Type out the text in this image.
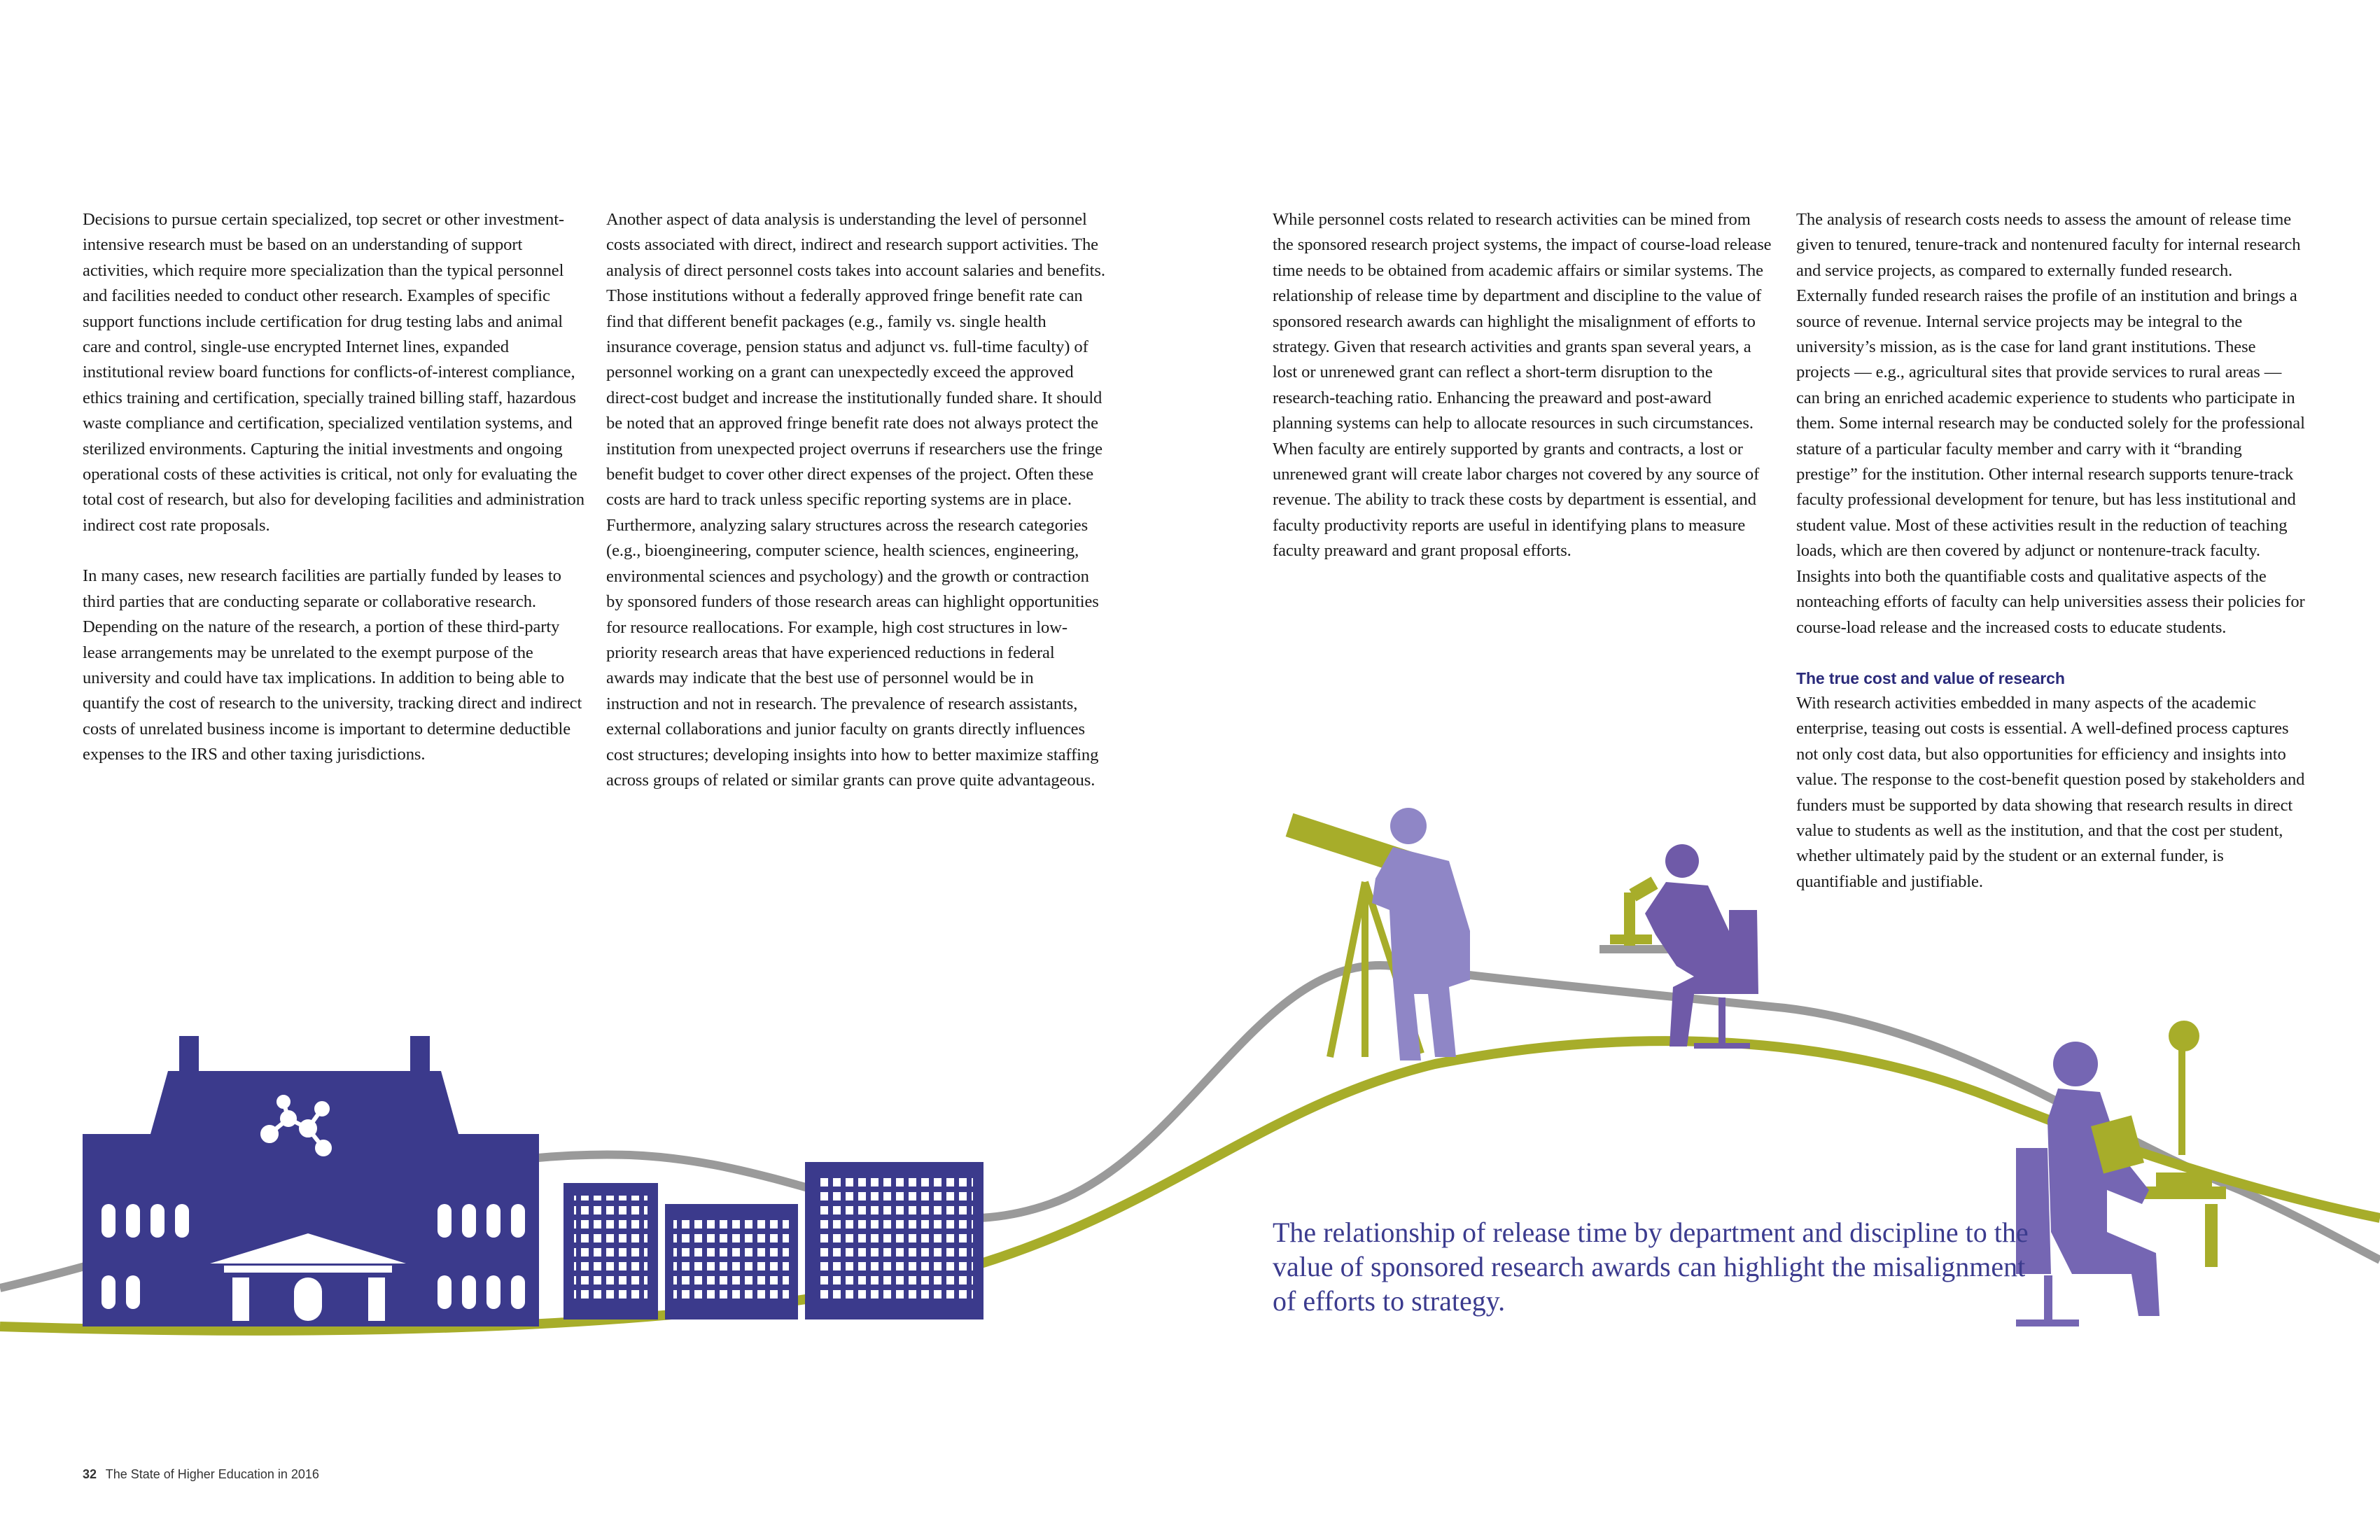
Decisions to pursue certain specialized, top secret or other investment-intensive research must be based on an understanding of support activities, which require more specialization than the typical personnel and facilities needed to conduct other research. Examples of specific support functions include certification for drug testing labs and animal care and control, single-use encrypted Internet lines, expanded institutional review board functions for conflicts-of-interest compliance, ethics training and certification, specially trained billing staff, hazardous waste compliance and certification, specialized ventilation systems, and sterilized environments. Capturing the initial investments and ongoing operational costs of these activities is critical, not only for evaluating the total cost of research, but also for developing facilities and administration indirect cost rate proposals.

In many cases, new research facilities are partially funded by leases to third parties that are conducting separate or collaborative research. Depending on the nature of the research, a portion of these third-party lease arrangements may be unrelated to the exempt purpose of the university and could have tax implications. In addition to being able to quantify the cost of research to the university, tracking direct and indirect costs of unrelated business income is important to determine deductible expenses to the IRS and other taxing jurisdictions.

Another aspect of data analysis is understanding the level of personnel costs associated with direct, indirect and research support activities. The analysis of direct personnel costs takes into account salaries and benefits. Those institutions without a federally approved fringe benefit rate can find that different benefit packages (e.g., family vs. single health insurance coverage, pension status and adjunct vs. full-time faculty) of personnel working on a grant can unexpectedly exceed the approved direct-cost budget and increase the institutionally funded share. It should be noted that an approved fringe benefit rate does not always protect the institution from unexpected project overruns if researchers use the fringe benefit budget to cover other direct expenses of the project. Often these costs are hard to track unless specific reporting systems are in place. Furthermore, analyzing salary structures across the research categories (e.g., bioengineering, computer science, health sciences, engineering, environmental sciences and psychology) and the growth or contraction by sponsored funders of those research areas can highlight opportunities for resource reallocations. For example, high cost structures in low-priority research areas that have experienced reductions in federal awards may indicate that the best use of personnel would be in instruction and not in research. The prevalence of research assistants, external collaborations and junior faculty on grants directly influences cost structures; developing insights into how to better maximize staffing across groups of related or similar grants can prove quite advantageous.

While personnel costs related to research activities can be mined from the sponsored research project systems, the impact of course-load release time needs to be obtained from academic affairs or similar systems. The relationship of release time by department and discipline to the value of sponsored research awards can highlight the misalignment of efforts to strategy. Given that research activities and grants span several years, a lost or unrenewed grant can reflect a short-term disruption to the research-teaching ratio. Enhancing the preaward and post-award planning systems can help to allocate resources in such circumstances. When faculty are entirely supported by grants and contracts, a lost or unrenewed grant will create labor charges not covered by any source of revenue. The ability to track these costs by department is essential, and faculty productivity reports are useful in identifying plans to measure faculty preaward and grant proposal efforts.

The analysis of research costs needs to assess the amount of release time given to tenured, tenure-track and nontenured faculty for internal research and service projects, as compared to externally funded research. Externally funded research raises the profile of an institution and brings a source of revenue. Internal service projects may be integral to the university’s mission, as is the case for land grant institutions. These projects — e.g., agricultural sites that provide services to rural areas — can bring an enriched academic experience to students who participate in them. Some internal research may be conducted solely for the professional stature of a particular faculty member and carry with it “branding prestige” for the institution. Other internal research supports tenure-track faculty professional development for tenure, but has less institutional and student value. Most of these activities result in the reduction of teaching loads, which are then covered by adjunct or nontenure-track faculty. Insights into both the quantifiable costs and qualitative aspects of the nonteaching efforts of faculty can help universities assess their policies for course-load release and the increased costs to educate students.

The true cost and value of research

With research activities embedded in many aspects of the academic enterprise, teasing out costs is essential. A well-defined process captures not only cost data, but also opportunities for efficiency and insights into value. The response to the cost-benefit question posed by stakeholders and funders must be supported by data showing that research results in direct value to students as well as the institution, and that the cost per student, whether ultimately paid by the student or an external funder, is quantifiable and justifiable.

The relationship of release time by department and discipline to the value of sponsored research awards can highlight the misalignment of efforts to strategy.
32 The State of Higher Education in 2016
